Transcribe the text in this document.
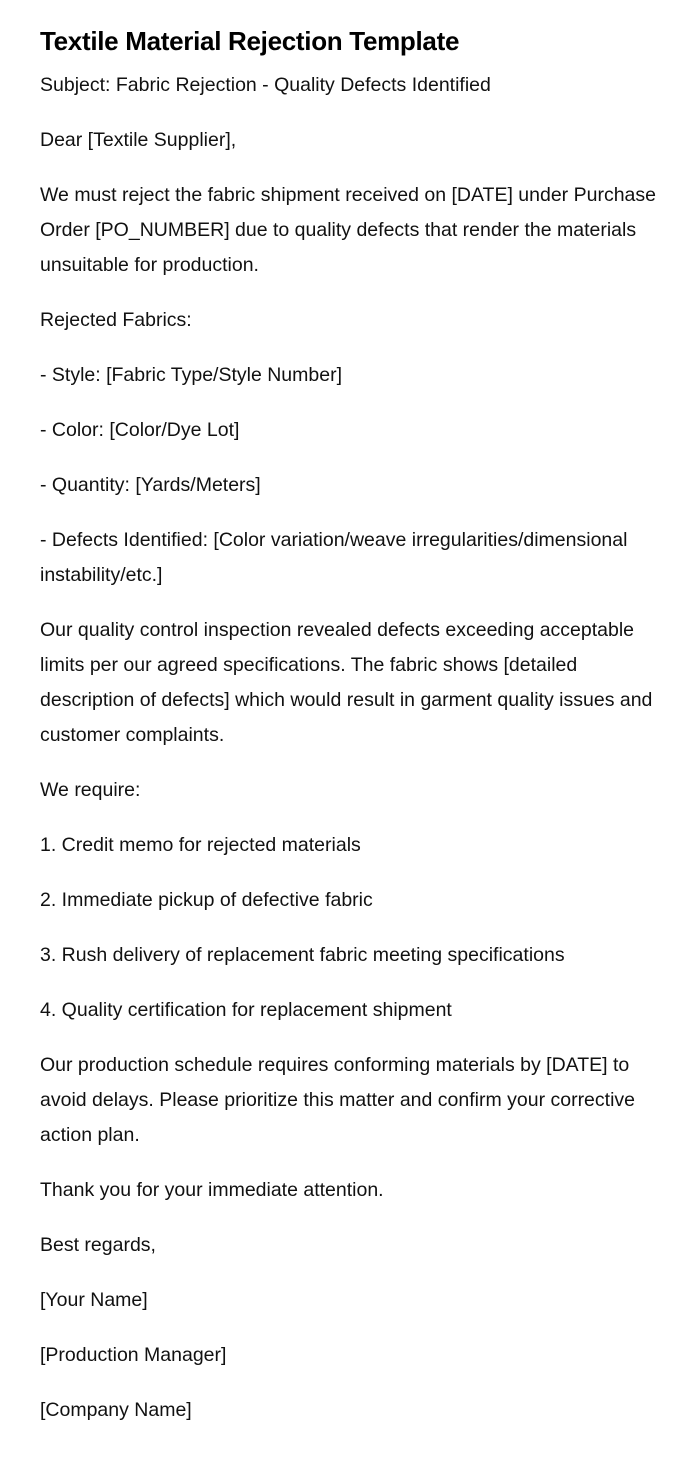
Textile Material Rejection Template

Subject: Fabric Rejection - Quality Defects Identified

Dear [Textile Supplier],

We must reject the fabric shipment received on [DATE] under Purchase Order [PO_NUMBER] due to quality defects that render the materials unsuitable for production.

Rejected Fabrics:

- Style: [Fabric Type/Style Number]

- Color: [Color/Dye Lot]

- Quantity: [Yards/Meters]

- Defects Identified: [Color variation/weave irregularities/dimensional instability/etc.]

Our quality control inspection revealed defects exceeding acceptable limits per our agreed specifications. The fabric shows [detailed description of defects] which would result in garment quality issues and customer complaints.

We require:

1. Credit memo for rejected materials

2. Immediate pickup of defective fabric

3. Rush delivery of replacement fabric meeting specifications

4. Quality certification for replacement shipment

Our production schedule requires conforming materials by [DATE] to avoid delays. Please prioritize this matter and confirm your corrective action plan.

Thank you for your immediate attention.

Best regards,

[Your Name]

[Production Manager]

[Company Name]
